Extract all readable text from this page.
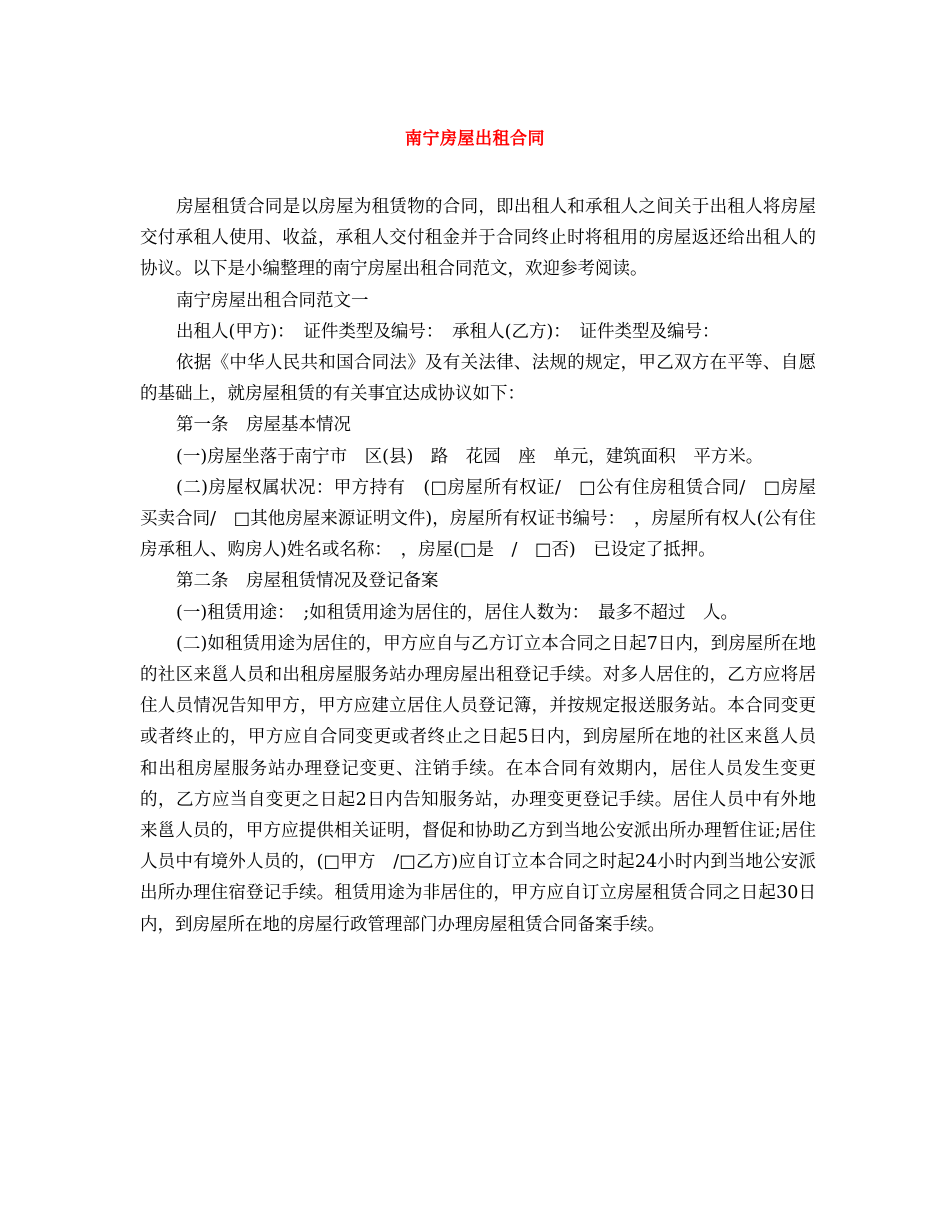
南宁房屋出租合同

房屋租赁合同是以房屋为租赁物的合同，即出租人和承租人之间关于出租人将房屋交付承租人使用、收益，承租人交付租金并于合同终止时将租用的房屋返还给出租人的协议。以下是小编整理的南宁房屋出租合同范文，欢迎参考阅读。

南宁房屋出租合同范文一

出租人(甲方)：　证件类型及编号：　承租人(乙方)：　证件类型及编号：

依据《中华人民共和国合同法》及有关法律、法规的规定，甲乙双方在平等、自愿的基础上，就房屋租赁的有关事宜达成协议如下：

第一条　房屋基本情况

(一)房屋坐落于南宁市　区(县)　路　花园　座　单元，建筑面积　平方米。

(二)房屋权属状况：甲方持有　(□房屋所有权证/　□公有住房租赁合同/　□房屋买卖合同/　□其他房屋来源证明文件)，房屋所有权证书编号：　，房屋所有权人(公有住房承租人、购房人)姓名或名称：　，房屋(□是　/　□否)　已设定了抵押。

第二条　房屋租赁情况及登记备案

(一)租赁用途：　;如租赁用途为居住的，居住人数为：　最多不超过　人。

(二)如租赁用途为居住的，甲方应自与乙方订立本合同之日起7日内，到房屋所在地的社区来邕人员和出租房屋服务站办理房屋出租登记手续。对多人居住的，乙方应将居住人员情况告知甲方，甲方应建立居住人员登记簿，并按规定报送服务站。本合同变更或者终止的，甲方应自合同变更或者终止之日起5日内，到房屋所在地的社区来邕人员和出租房屋服务站办理登记变更、注销手续。在本合同有效期内，居住人员发生变更的，乙方应当自变更之日起2日内告知服务站，办理变更登记手续。居住人员中有外地来邕人员的，甲方应提供相关证明，督促和协助乙方到当地公安派出所办理暂住证;居住人员中有境外人员的，(□甲方　/□乙方)应自订立本合同之时起24小时内到当地公安派出所办理住宿登记手续。租赁用途为非居住的，甲方应自订立房屋租赁合同之日起30日内，到房屋所在地的房屋行政管理部门办理房屋租赁合同备案手续。
